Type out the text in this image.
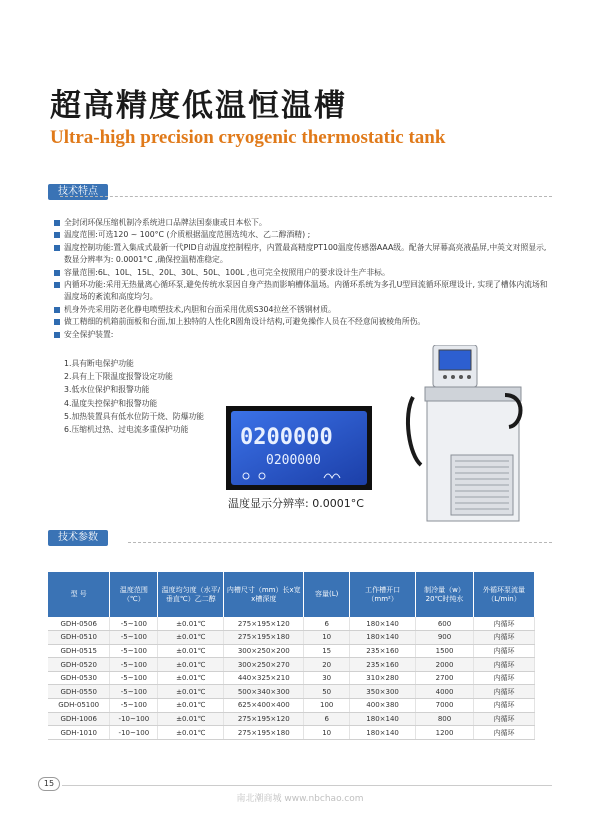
超高精度低温恒温槽
Ultra-high precision cryogenic thermostatic tank
技术特点
全封闭环保压缩机制冷系统进口品牌法国泰康或日本松下。
温度范围:可选120 ~ 100°C (介质根据温度范围选纯水、乙二醇酒精) ;
温度控制功能:置入集成式最新一代PID自动温度控制程序，内置最高精度PT100温度传感器AAA级。配备大屏幕高亮液晶屏,中英文对照显示,数显分辨率为: 0.0001°C ,确保控温精准稳定。
容量范围:6L、10L、15L、20L、30L、50L、100L ,也可完全按照用户的要求设计生产非标。
内循环功能:采用无热量离心循环泵,避免传统水泵因自身产热而影响槽体温场。内循环系统为多孔U型回流循环原理设计, 实现了槽体内流场和温度场的紊流和高度均匀。
机身外壳采用防老化静电喷塑技术,内胆和台面采用优质S304拉丝不锈钢材质。
做工精细的机箱前面板和台面,加上独特的人性化R圆角设计结构,可避免操作人员在不经意间被棱角所伤。
安全保护装置:
1.具有断电保护功能
2.具有上下限温度报警设定功能
3.低水位保护和报警功能
4.温度失控保护和报警功能
5.加热装置具有低水位防干烧、防爆功能
6.压缩机过热、过电流多重保护功能	0200000
0200000
温度显示分辨率: 0.0001°C
技术参数
型 号	温度范围（℃）	温度均匀度（水平/垂直℃）乙二醇	内槽尺寸（mm）长x宽x槽深度	容量(L)	工作槽开口（mm²）	制冷量（w）20℃时纯水	外循环泵流量（L/min）
GDH-0506	-5~100	±0.01℃	275×195×120	6	180×140	600	内循环
GDH-0510	-5~100	±0.01℃	275×195×180	10	180×140	900	内循环
GDH-0515	-5~100	±0.01℃	300×250×200	15	235×160	1500	内循环
GDH-0520	-5~100	±0.01℃	300×250×270	20	235×160	2000	内循环
GDH-0530	-5~100	±0.01℃	440×325×210	30	310×280	2700	内循环
GDH-0550	-5~100	±0.01℃	500×340×300	50	350×300	4000	内循环
GDH-05100	-5~100	±0.01℃	625×400×400	100	400×380	7000	内循环
GDH-1006	-10~100	±0.01℃	275×195×120	6	180×140	800	内循环
GDH-1010	-10~100	±0.01℃	275×195×180	10	180×140	1200	内循环
15
南北潮商城 www.nbchao.com
